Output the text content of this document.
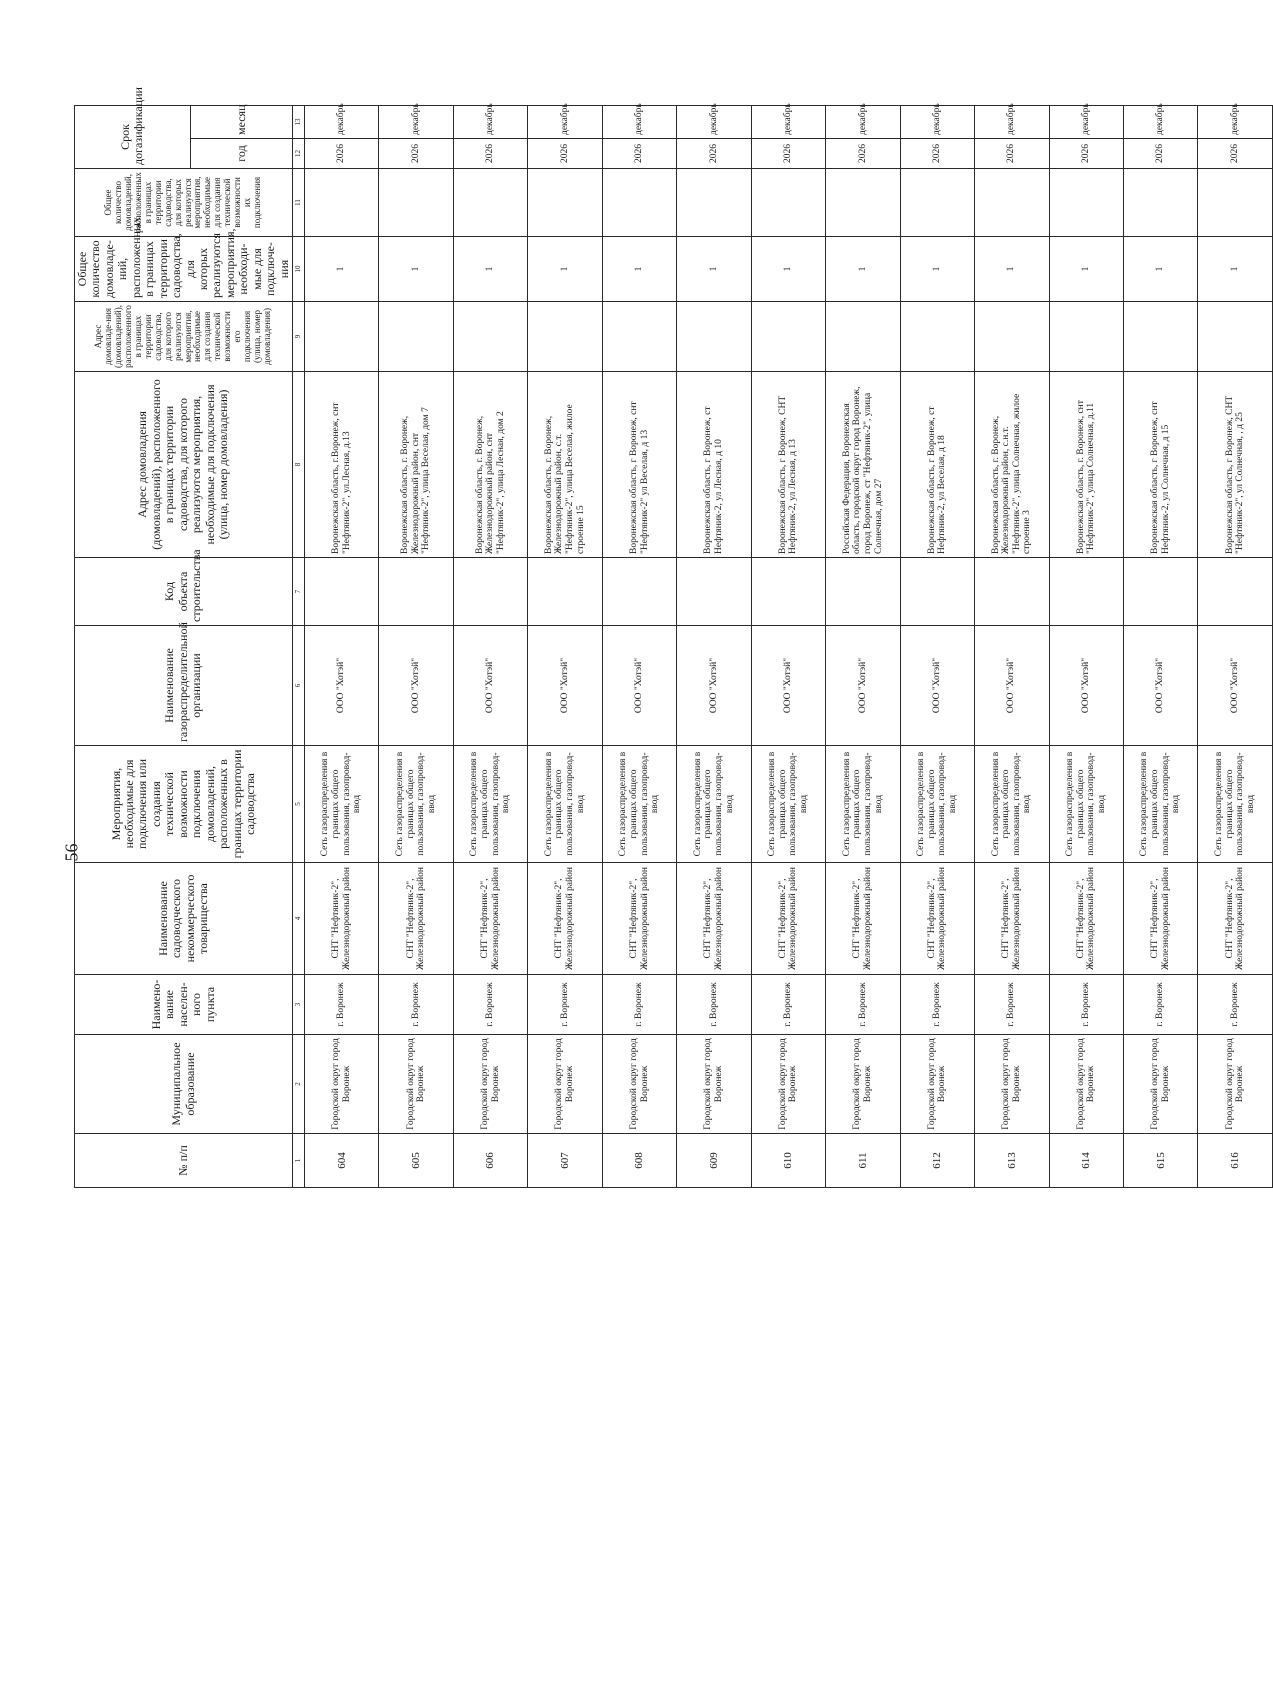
56
№ п/п	Муниципальное образование	Наимено-вание населен-ного пункта	Наименование садоводческого некоммерческого товарищества	Мероприятия, необходимые для подключения или создания технической возможности подключения домовладений, расположенных в границах территории садоводства	Наименование газораспределительной организации	Код объекта строительства	Адрес домовладения (домовладений), расположенного в границах территории садоводства, для которого реализуются мероприятия, необходимые для подключения (улица, номер домовладения)	Адрес домовладе-ния (домовладений), расположенного в границах территории садоводства, для которого реализуются мероприятия, необходимые для создания технической возможности его подключения (улица, номер домовладения)	Общее количество домовладе-ний, расположенных в границах территории садоводства, для которых реализуются мероприятия, необходи-мые для подключе-ния	Общее количество домовладений, расположенных в границах территории садоводства, для которых реализуются мероприятия, необходимые для создания технической возможности их подключения	Срок догазификации	
											год	месяц
1	2	3	4	5	6	7	8	9	10	11	12	13
604	Городской округ город Воронеж	г. Воронеж	СНТ "Нефтяник-2", Железнодорожный район	Сеть газораспределения в границах общего пользования, газопровод-ввод	ООО "Хотэй"		Воронежская область, г.Воронеж, снт "Нефтяник-2", ул.Лесная, д.13		1		2026	декабрь
605	Городской округ город Воронеж	г. Воронеж	СНТ "Нефтяник-2", Железнодорожный район	Сеть газораспределения в границах общего пользования, газопровод-ввод	ООО "Хотэй"		Воронежская область, г. Воронеж, Железнодорожный район, снт "Нефтяник-2", улица Веселая, дом 7		1		2026	декабрь
606	Городской округ город Воронеж	г. Воронеж	СНТ "Нефтяник-2", Железнодорожный район	Сеть газораспределения в границах общего пользования, газопровод-ввод	ООО "Хотэй"		Воронежская область, г. Воронеж, Железнодорожный район, снт "Нефтяник-2", улица Лесная, дом 2		1		2026	декабрь
607	Городской округ город Воронеж	г. Воронеж	СНТ "Нефтяник-2", Железнодорожный район	Сеть газораспределения в границах общего пользования, газопровод-ввод	ООО "Хотэй"		Воронежская область, г. Воронеж, Железнодорожный район, с.т. "Нефтяник-2", улица Веселая, жилое строение 15		1		2026	декабрь
608	Городской округ город Воронеж	г. Воронеж	СНТ "Нефтяник-2", Железнодорожный район	Сеть газораспределения в границах общего пользования, газопровод-ввод	ООО "Хотэй"		Воронежская область, г Воронеж, снт "Нефтяник-2" ул Веселая, д 13		1		2026	декабрь
609	Городской округ город Воронеж	г. Воронеж	СНТ "Нефтяник-2", Железнодорожный район	Сеть газораспределения в границах общего пользования, газопровод-ввод	ООО "Хотэй"		Воронежская область, г Воронеж, ст Нефтяник-2, ул Лесная, д 10		1		2026	декабрь
610	Городской округ город Воронеж	г. Воронеж	СНТ "Нефтяник-2", Железнодорожный район	Сеть газораспределения в границах общего пользования, газопровод-ввод	ООО "Хотэй"		Воронежская область, г Воронеж, СНТ Нефтяник-2, ул Лесная, д 13		1		2026	декабрь
611	Городской округ город Воронеж	г. Воронеж	СНТ "Нефтяник-2", Железнодорожный район	Сеть газораспределения в границах общего пользования, газопровод-ввод	ООО "Хотэй"		Российская Федерация, Воронежская область, городской округ город Воронеж, город Воронеж, ст "Нефтяник-2", улица Солнечная, дом 27		1		2026	декабрь
612	Городской округ город Воронеж	г. Воронеж	СНТ "Нефтяник-2", Железнодорожный район	Сеть газораспределения в границах общего пользования, газопровод-ввод	ООО "Хотэй"		Воронежская область, г Воронеж, ст Нефтяник-2, ул Веселая, д 18		1		2026	декабрь
613	Городской округ город Воронеж	г. Воронеж	СНТ "Нефтяник-2", Железнодорожный район	Сеть газораспределения в границах общего пользования, газопровод-ввод	ООО "Хотэй"		Воронежская область, г. Воронеж, Железнодорожный район, с.н.т. "Нефтяник-2", улица Солнечная, жилое строение 3		1		2026	декабрь
614	Городской округ город Воронеж	г. Воронеж	СНТ "Нефтяник-2", Железнодорожный район	Сеть газораспределения в границах общего пользования, газопровод-ввод	ООО "Хотэй"		Воронежская область, г. Воронеж, снт "Нефтяник-2", улица Солнечная, д.11		1		2026	декабрь
615	Городской округ город Воронеж	г. Воронеж	СНТ "Нефтяник-2", Железнодорожный район	Сеть газораспределения в границах общего пользования, газопровод-ввод	ООО "Хотэй"		Воронежская область, г Воронеж, снт Нефтяник-2, ул Солнечная, д 15		1		2026	декабрь
616	Городской округ город Воронеж	г. Воронеж	СНТ "Нефтяник-2", Железнодорожный район	Сеть газораспределения в границах общего пользования, газопровод-ввод	ООО "Хотэй"		Воронежская область, г Воронеж, СНТ "Нефтяник-2", ул Солнечная, , д 25		1		2026	декабрь
